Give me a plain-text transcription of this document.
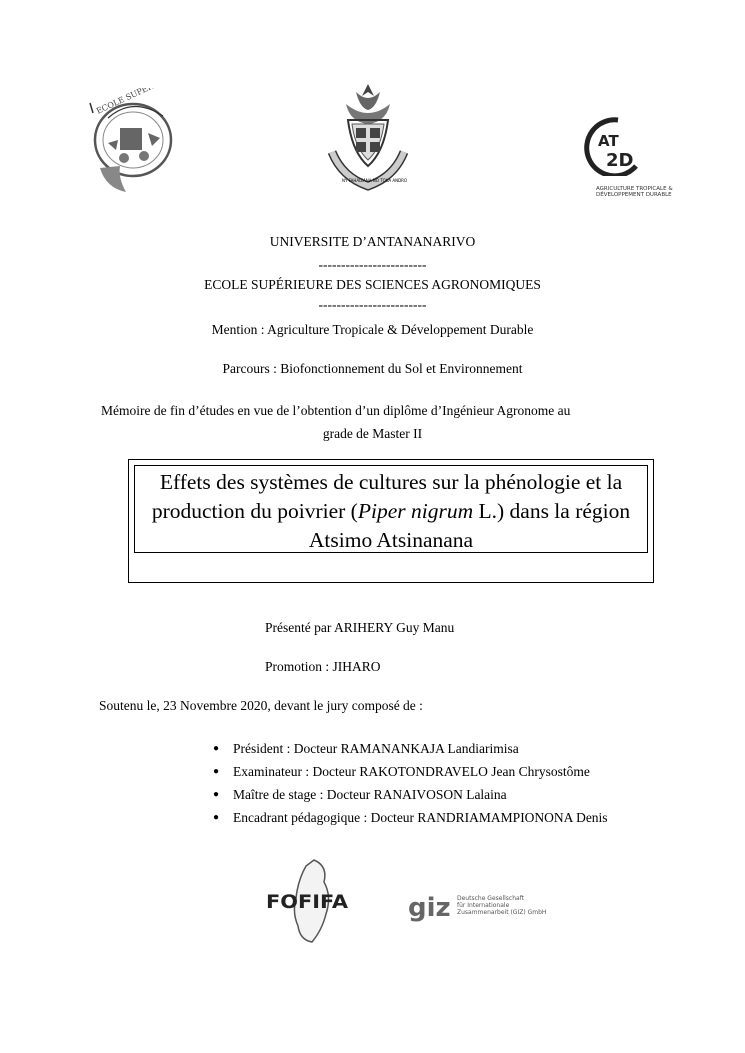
ECOLE SUPERIEURE
NY FAHAIZANA NO TOKA ANDRO
AT
2D
AGRICULTURE TROPICALE &
DÉVELOPPEMENT DURABLE
UNIVERSITE D’ANTANANARIVO
------------------------
ECOLE SUPÉRIEURE DES SCIENCES AGRONOMIQUES
------------------------
Mention : Agriculture Tropicale & Développement Durable
Parcours : Biofonctionnement du Sol et Environnement
Mémoire de fin d’études en vue de l’obtention d’un diplôme d’Ingénieur Agronome au
grade de Master II
Effets des systèmes de cultures sur la phénologie et la
production du poivrier (Piper nigrum L.) dans la région
Atsimo Atsinanana
Présenté par ARIHERY Guy Manu
Promotion : JIHARO
Soutenu le, 23 Novembre 2020, devant le jury composé de :
● Président : Docteur RAMANANKAJA Landiarimisa
● Examinateur : Docteur RAKOTONDRAVELO Jean Chrysostôme
● Maître de stage : Docteur RANAIVOSON Lalaina
● Encadrant pédagogique : Docteur RANDRIAMAMPIONONA Denis
FOFIFA giz Deutsche Gesellschaft
für Internationale
Zusammenarbeit (GIZ) GmbH
